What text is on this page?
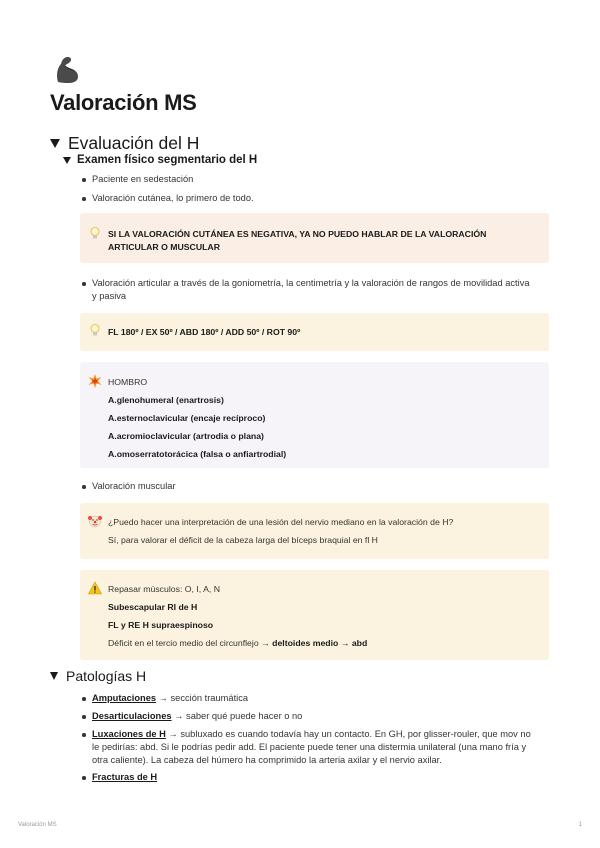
Valoración MS
Evaluación del H
Examen físico segmentario del H
Paciente en sedestación
Valoración cutánea, lo primero de todo.

SI LA VALORACIÓN CUTÁNEA ES NEGATIVA, YA NO PUEDO HABLAR DE LA VALORACIÓN ARTICULAR O MUSCULAR

Valoración articular a través de la goniometría, la centimetría y la valoración de rangos de movilidad activa y pasiva

FL 180º / EX 50º / ABD 180º / ADD 50º / ROT 90º

HOMBRO

A.glenohumeral (enartrosis)

A.esternoclavicular (encaje recíproco)

A.acromioclavicular (artrodia o plana)

A.omoserratotorácica (falsa o anfiartrodial)

Valoración muscular

¿Puedo hacer una interpretación de una lesión del nervio mediano en la valoración de H?

Sí, para valorar el déficit de la cabeza larga del bíceps braquial en fl H

Repasar músculos: O, I, A, N

Subescapular RI de H

FL y RE H supraespinoso

Déficit en el tercio medio del circunflejo → deltoides medio → abd

Patologías H
Amputaciones → sección traumática
Desarticulaciones → saber qué puede hacer o no
Luxaciones de H → subluxado es cuando todavía hay un contacto. En GH, por glisser-rouler, que mov no le pedirías: abd. Si le podrías pedir add. El paciente puede tener una distermia unilateral (una mano fría y otra caliente). La cabeza del húmero ha comprimido la arteria axilar y el nervio axilar.
Fracturas de H
Valoración MS	1
